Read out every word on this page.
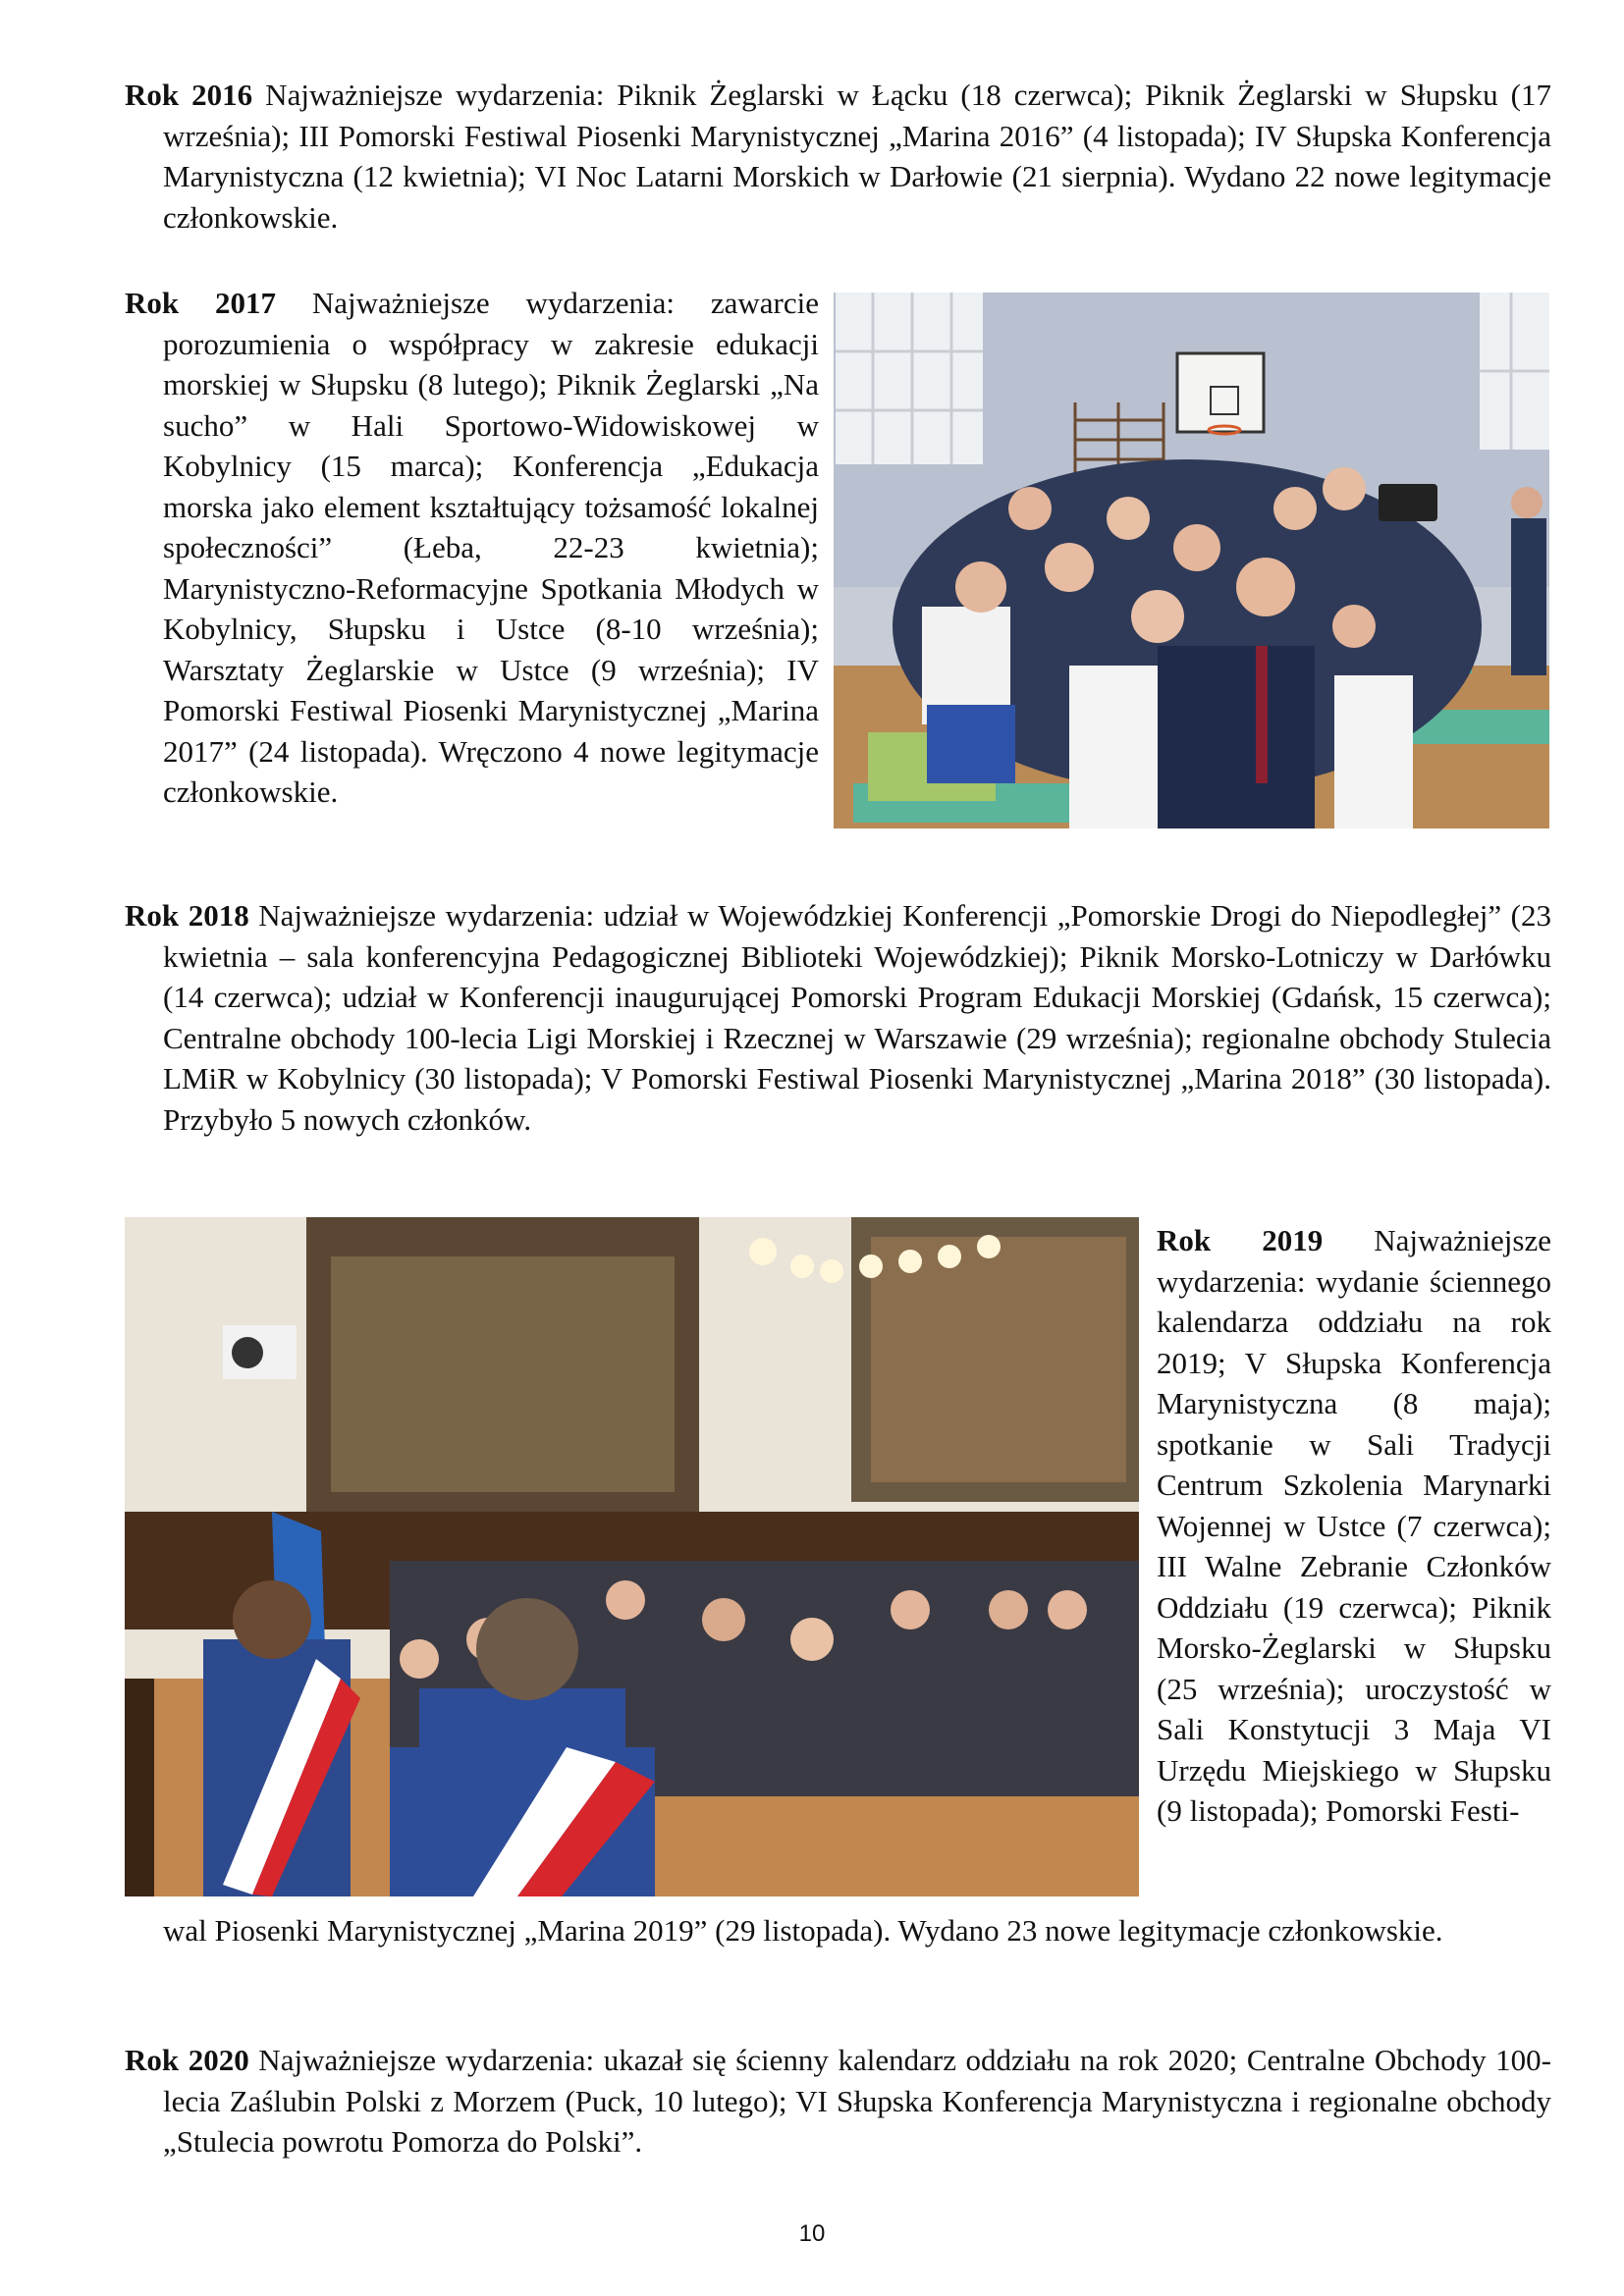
Rok 2016 Najważniejsze wydarzenia: Piknik Żeglarski w Łącku (18 czerwca); Piknik Żeglarski w Słupsku (17 września); III Pomorski Festiwal Piosenki Marynistycznej „Marina 2016” (4 listopada); IV Słupska Konferencja Marynistyczna (12 kwietnia); VI Noc Latarni Morskich w Darłowie (21 sierpnia). Wydano 22 nowe legitymacje członkowskie.
Rok 2017 Najważniejsze wydarzenia: zawarcie porozumienia o współpracy w zakresie edukacji morskiej w Słupsku (8 lutego); Piknik Żeglarski „Na sucho” w Hali Sportowo-Widowiskowej w Kobylnicy (15 marca); Konferencja „Edukacja morska jako element kształtujący tożsamość lokalnej społeczności” (Łeba, 22-23 kwietnia); Marynistyczno-Reformacyjne Spotkania Młodych w Kobylnicy, Słupsku i Ustce (8-10 września); Warsztaty Żeglarskie w Ustce (9 września); IV Pomorski Festiwal Piosenki Marynistycznej „Marina 2017” (24 listopada). Wręczono 4 nowe legitymacje członkowskie.
Rok 2018 Najważniejsze wydarzenia: udział w Wojewódzkiej Konferencji „Pomorskie Drogi do Niepodległej” (23 kwietnia – sala konferencyjna Pedagogicznej Biblioteki Wojewódzkiej); Piknik Morsko-Lotniczy w Darłówku (14 czerwca); udział w Konferencji inaugurującej Pomorski Program Edukacji Morskiej (Gdańsk, 15 czerwca); Centralne obchody 100-lecia Ligi Morskiej i Rzecznej w Warszawie (29 września); regionalne obchody Stulecia LMiR w Kobylnicy (30 listopada); V Pomorski Festiwal Piosenki Marynistycznej „Marina 2018” (30 listopada). Przybyło 5 nowych członków.
Rok 2019 Najważniejsze wydarzenia: wydanie ściennego kalendarza oddziału na rok 2019; V Słupska Konferencja Marynistyczna (8 maja); spotkanie w Sali Tradycji Centrum Szkolenia Marynarki Wojennej w Ustce (7 czerwca); III Walne Zebranie Członków Oddziału (19 czerwca); Piknik Morsko-Żeglarski w Słupsku (25 września); uroczystość w Sali Konstytucji 3 Maja VI Urzędu Miejskiego w Słupsku (9 listopada); Pomorski Festi-
wal Piosenki Marynistycznej „Marina 2019” (29 listopada). Wydano 23 nowe legitymacje członkowskie.
Rok 2020 Najważniejsze wydarzenia: ukazał się ścienny kalendarz oddziału na rok 2020; Centralne Obchody 100-lecia Zaślubin Polski z Morzem (Puck, 10 lutego); VI Słupska Konferencja Marynistyczna i regionalne obchody „Stulecia powrotu Pomorza do Polski”.
10
